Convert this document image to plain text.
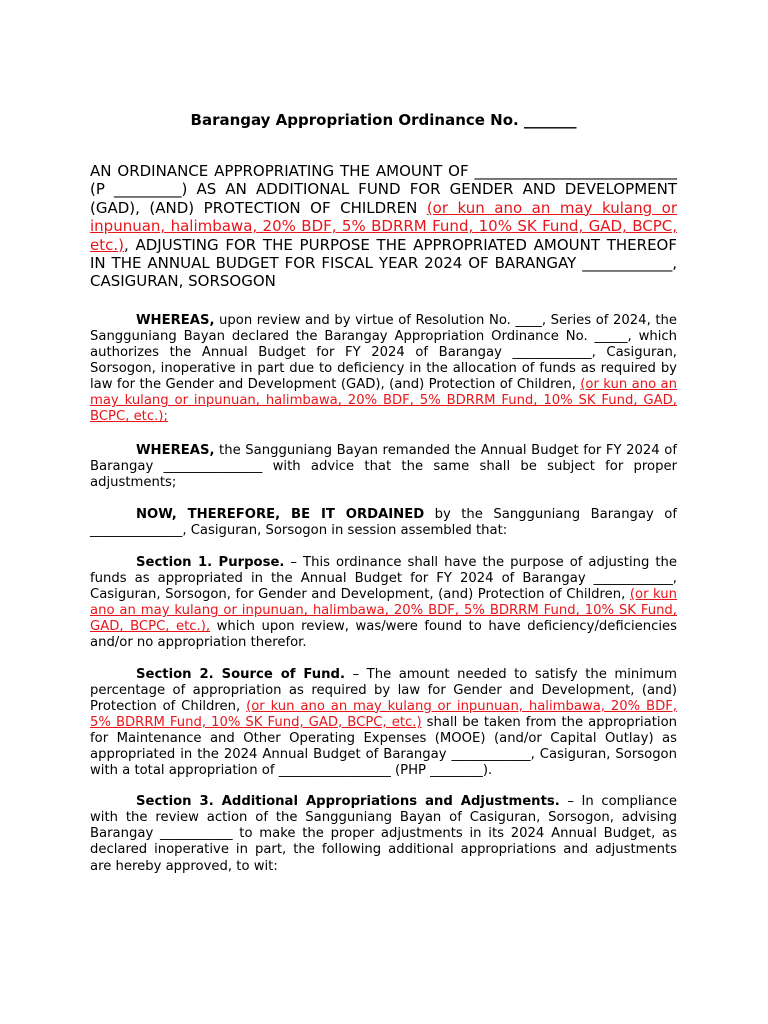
Barangay Appropriation Ordinance No. _______

AN ORDINANCE APPROPRIATING THE AMOUNT OF ___________________________ (P _________) AS AN ADDITIONAL FUND FOR GENDER AND DEVELOPMENT (GAD), (AND) PROTECTION OF CHILDREN (or kun ano an may kulang or inpunuan, halimbawa, 20% BDF, 5% BDRRM Fund, 10% SK Fund, GAD, BCPC, etc.), ADJUSTING FOR THE PURPOSE THE APPROPRIATED AMOUNT THEREOF IN THE ANNUAL BUDGET FOR FISCAL YEAR 2024 OF BARANGAY ____________, CASIGURAN, SORSOGON

WHEREAS, upon review and by virtue of Resolution No. ____, Series of 2024, the Sangguniang Bayan declared the Barangay Appropriation Ordinance No. _____, which authorizes the Annual Budget for FY 2024 of Barangay ____________, Casiguran, Sorsogon, inoperative in part due to deficiency in the allocation of funds as required by law for the Gender and Development (GAD), (and) Protection of Children, (or kun ano an may kulang or inpunuan, halimbawa, 20% BDF, 5% BDRRM Fund, 10% SK Fund, GAD, BCPC, etc.);

WHEREAS, the Sangguniang Bayan remanded the Annual Budget for FY 2024 of Barangay _______________ with advice that the same shall be subject for proper adjustments;

NOW, THEREFORE, BE IT ORDAINED by the Sangguniang Barangay of ______________, Casiguran, Sorsogon in session assembled that:

Section 1. Purpose. – This ordinance shall have the purpose of adjusting the funds as appropriated in the Annual Budget for FY 2024 of Barangay ____________, Casiguran, Sorsogon, for Gender and Development, (and) Protection of Children, (or kun ano an may kulang or inpunuan, halimbawa, 20% BDF, 5% BDRRM Fund, 10% SK Fund, GAD, BCPC, etc.), which upon review, was/were found to have deficiency/deficiencies and/or no appropriation therefor.

Section 2. Source of Fund. – The amount needed to satisfy the minimum percentage of appropriation as required by law for Gender and Development, (and) Protection of Children, (or kun ano an may kulang or inpunuan, halimbawa, 20% BDF, 5% BDRRM Fund, 10% SK Fund, GAD, BCPC, etc.) shall be taken from the appropriation for Maintenance and Other Operating Expenses (MOOE) (and/or Capital Outlay) as appropriated in the 2024 Annual Budget of Barangay ____________, Casiguran, Sorsogon with a total appropriation of _________________ (PHP ________).

Section 3. Additional Appropriations and Adjustments. – In compliance with the review action of the Sangguniang Bayan of Casiguran, Sorsogon, advising Barangay ___________ to make the proper adjustments in its 2024 Annual Budget, as declared inoperative in part, the following additional appropriations and adjustments are hereby approved, to wit:
